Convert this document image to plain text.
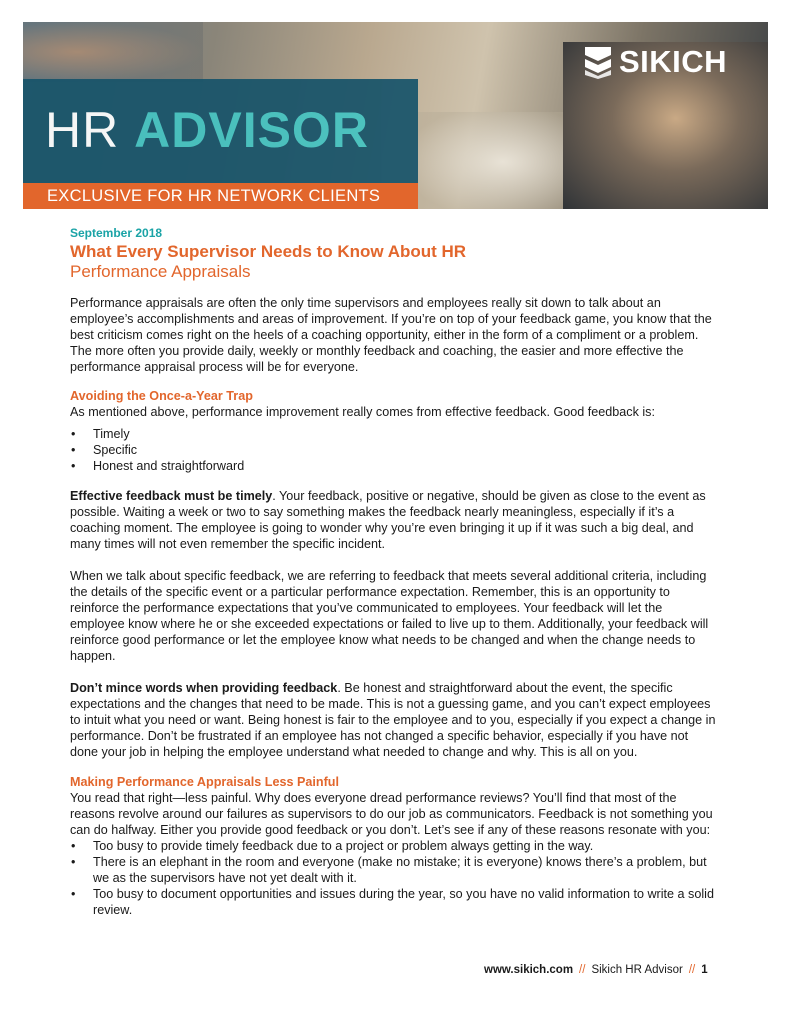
SIKICH
HR ADVISOR
EXCLUSIVE FOR HR NETWORK CLIENTS

September 2018

What Every Supervisor Needs to Know About HR

Performance Appraisals

Performance appraisals are often the only time supervisors and employees really sit down to talk about an employee’s accomplishments and areas of improvement. If you’re on top of your feedback game, you know that the best criticism comes right on the heels of a coaching opportunity, either in the form of a compliment or a problem. The more often you provide daily, weekly or monthly feedback and coaching, the easier and more effective the performance appraisal process will be for everyone.

Avoiding the Once-a-Year Trap

As mentioned above, performance improvement really comes from effective feedback. Good feedback is:

• Timely
• Specific
• Honest and straightforward

Effective feedback must be timely. Your feedback, positive or negative, should be given as close to the event as possible. Waiting a week or two to say something makes the feedback nearly meaningless, especially if it’s a coaching moment. The employee is going to wonder why you’re even bringing it up if it was such a big deal, and many times will not even remember the specific incident.

When we talk about specific feedback, we are referring to feedback that meets several additional criteria, including the details of the specific event or a particular performance expectation. Remember, this is an opportunity to reinforce the performance expectations that you’ve communicated to employees. Your feedback will let the employee know where he or she exceeded expectations or failed to live up to them. Additionally, your feedback will reinforce good performance or let the employee know what needs to be changed and when the change needs to happen.

Don’t mince words when providing feedback. Be honest and straightforward about the event, the specific expectations and the changes that need to be made. This is not a guessing game, and you can’t expect employees to intuit what you need or want. Being honest is fair to the employee and to you, especially if you expect a change in performance. Don’t be frustrated if an employee has not changed a specific behavior, especially if you have not done your job in helping the employee understand what needed to change and why. This is all on you.

Making Performance Appraisals Less Painful

You read that right—less painful. Why does everyone dread performance reviews? You’ll find that most of the reasons revolve around our failures as supervisors to do our job as communicators. Feedback is not something you can do halfway. Either you provide good feedback or you don’t. Let’s see if any of these reasons resonate with you:

• Too busy to provide timely feedback due to a project or problem always getting in the way.
• There is an elephant in the room and everyone (make no mistake; it is everyone) knows there’s a problem, but we as the supervisors have not yet dealt with it.
• Too busy to document opportunities and issues during the year, so you have no valid information to write a solid review.
www.sikich.com // Sikich HR Advisor // 1
